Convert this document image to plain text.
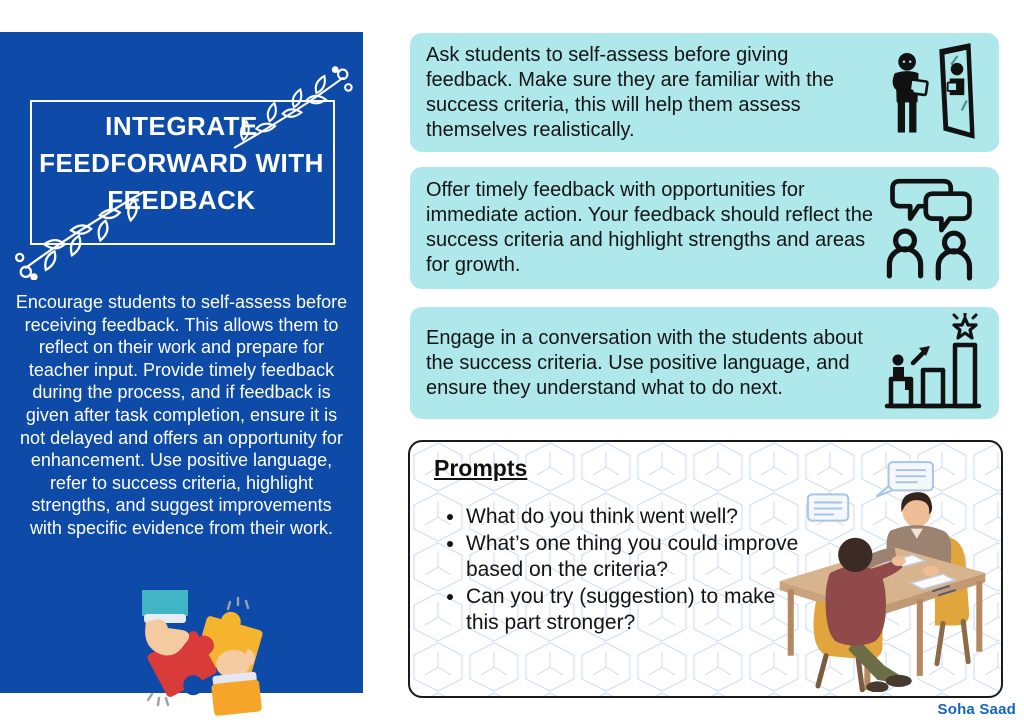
INTEGRATE
FEEDFORWARD WITH
FEEDBACK
Encourage students to self-assess before receiving feedback. This allows them to reflect on their work and prepare for teacher input. Provide timely feedback during the process, and if feedback is given after task completion, ensure it is not delayed and offers an opportunity for enhancement. Use positive language, refer to success criteria, highlight strengths, and suggest improvements with specific evidence from their work.
Ask students to self-assess before giving feedback. Make sure they are familiar with the success criteria, this will help them assess themselves realistically.
Offer timely feedback with opportunities for immediate action. Your feedback should reflect the success criteria and highlight strengths and areas for growth.
Engage in a conversation with the students about the success criteria. Use positive language, and ensure they understand what to do next.
Prompts
• What do you think went well?
• What’s one thing you could improve based on the criteria?
• Can you try (suggestion) to make this part stronger?
Soha Saad
